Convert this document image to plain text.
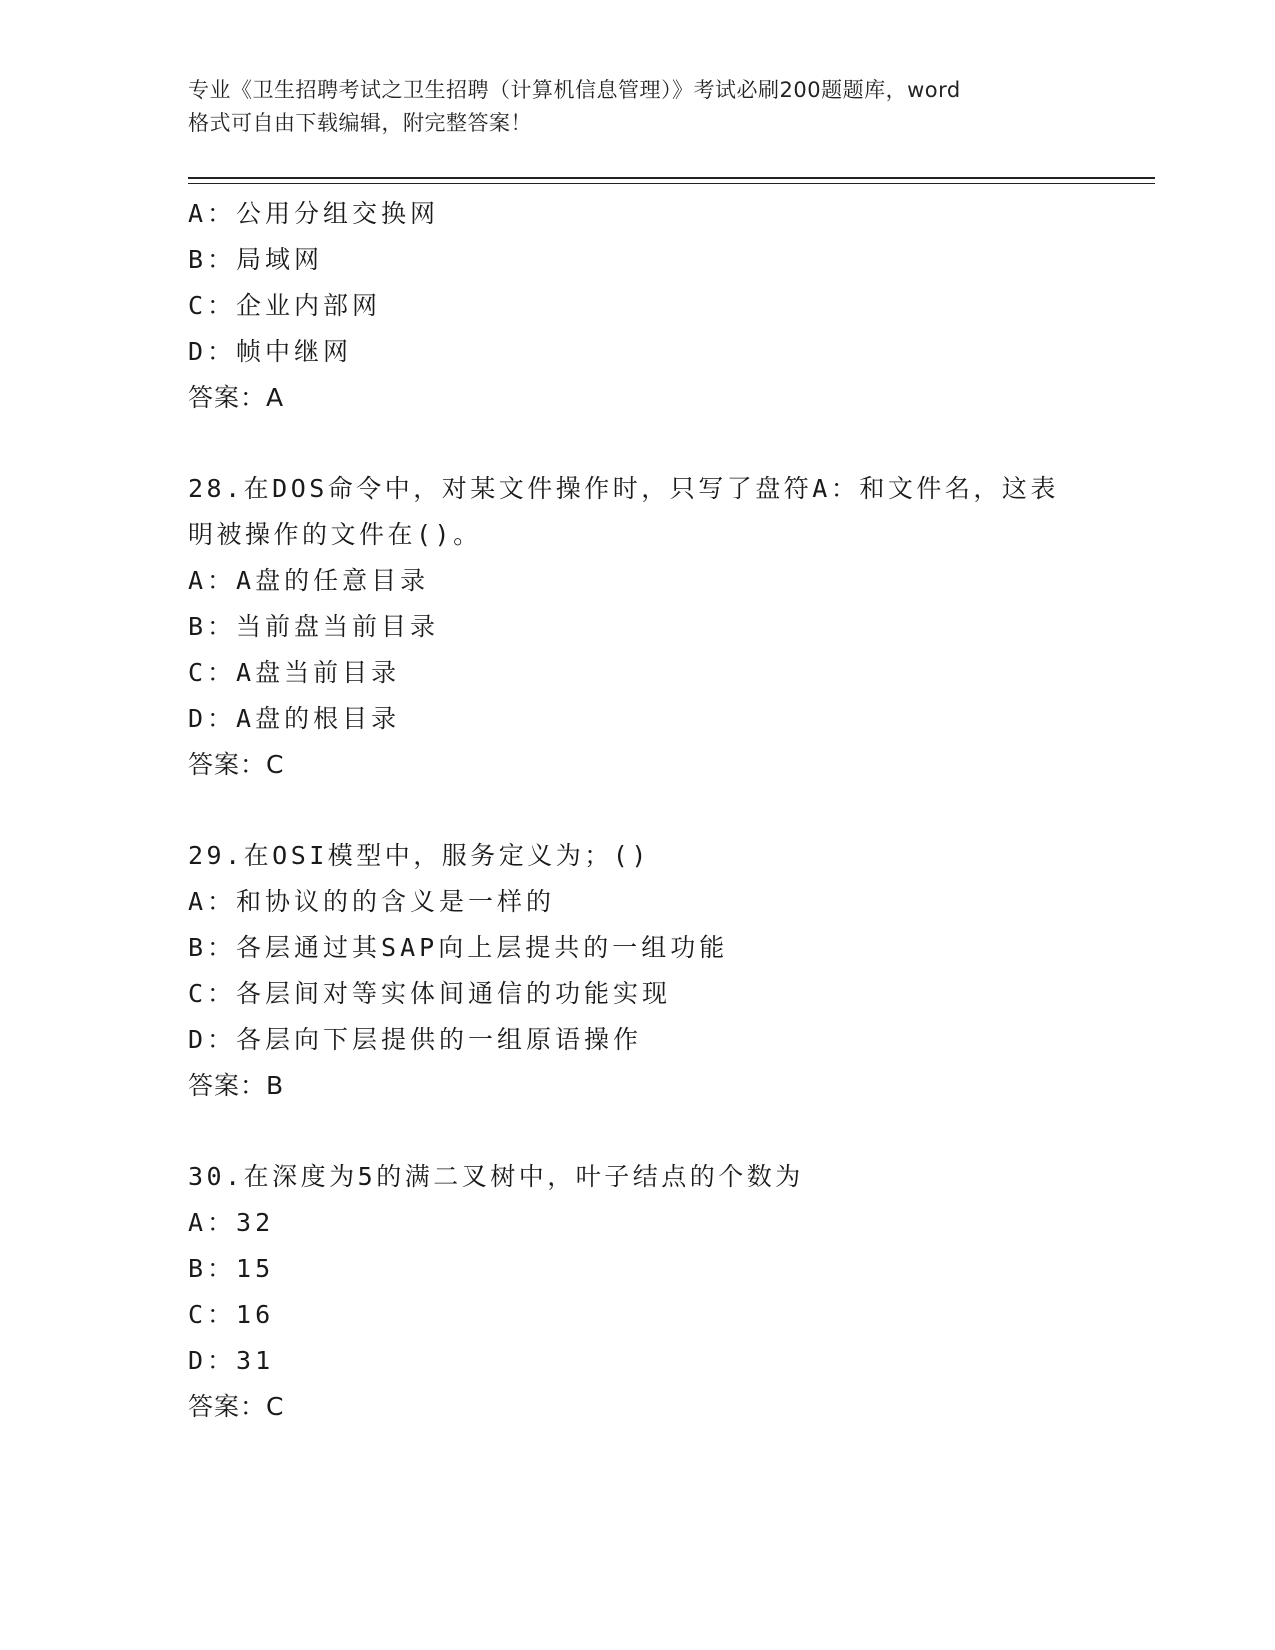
专业《卫生招聘考试之卫生招聘（计算机信息管理）》考试必刷200题题库，word
格式可自由下载编辑，附完整答案！
A：公用分组交换网
B：局域网
C：企业内部网
D：帧中继网
答案：A
28.在DOS命令中，对某文件操作时，只写了盘符A：和文件名，这表
明被操作的文件在()。
A：A盘的任意目录
B：当前盘当前目录
C：A盘当前目录
D：A盘的根目录
答案：C
29.在OSI模型中，服务定义为；()
A：和协议的的含义是一样的
B：各层通过其SAP向上层提共的一组功能
C：各层间对等实体间通信的功能实现
D：各层向下层提供的一组原语操作
答案：B
30.在深度为5的满二叉树中，叶子结点的个数为
A：32
B：15
C：16
D：31
答案：C
